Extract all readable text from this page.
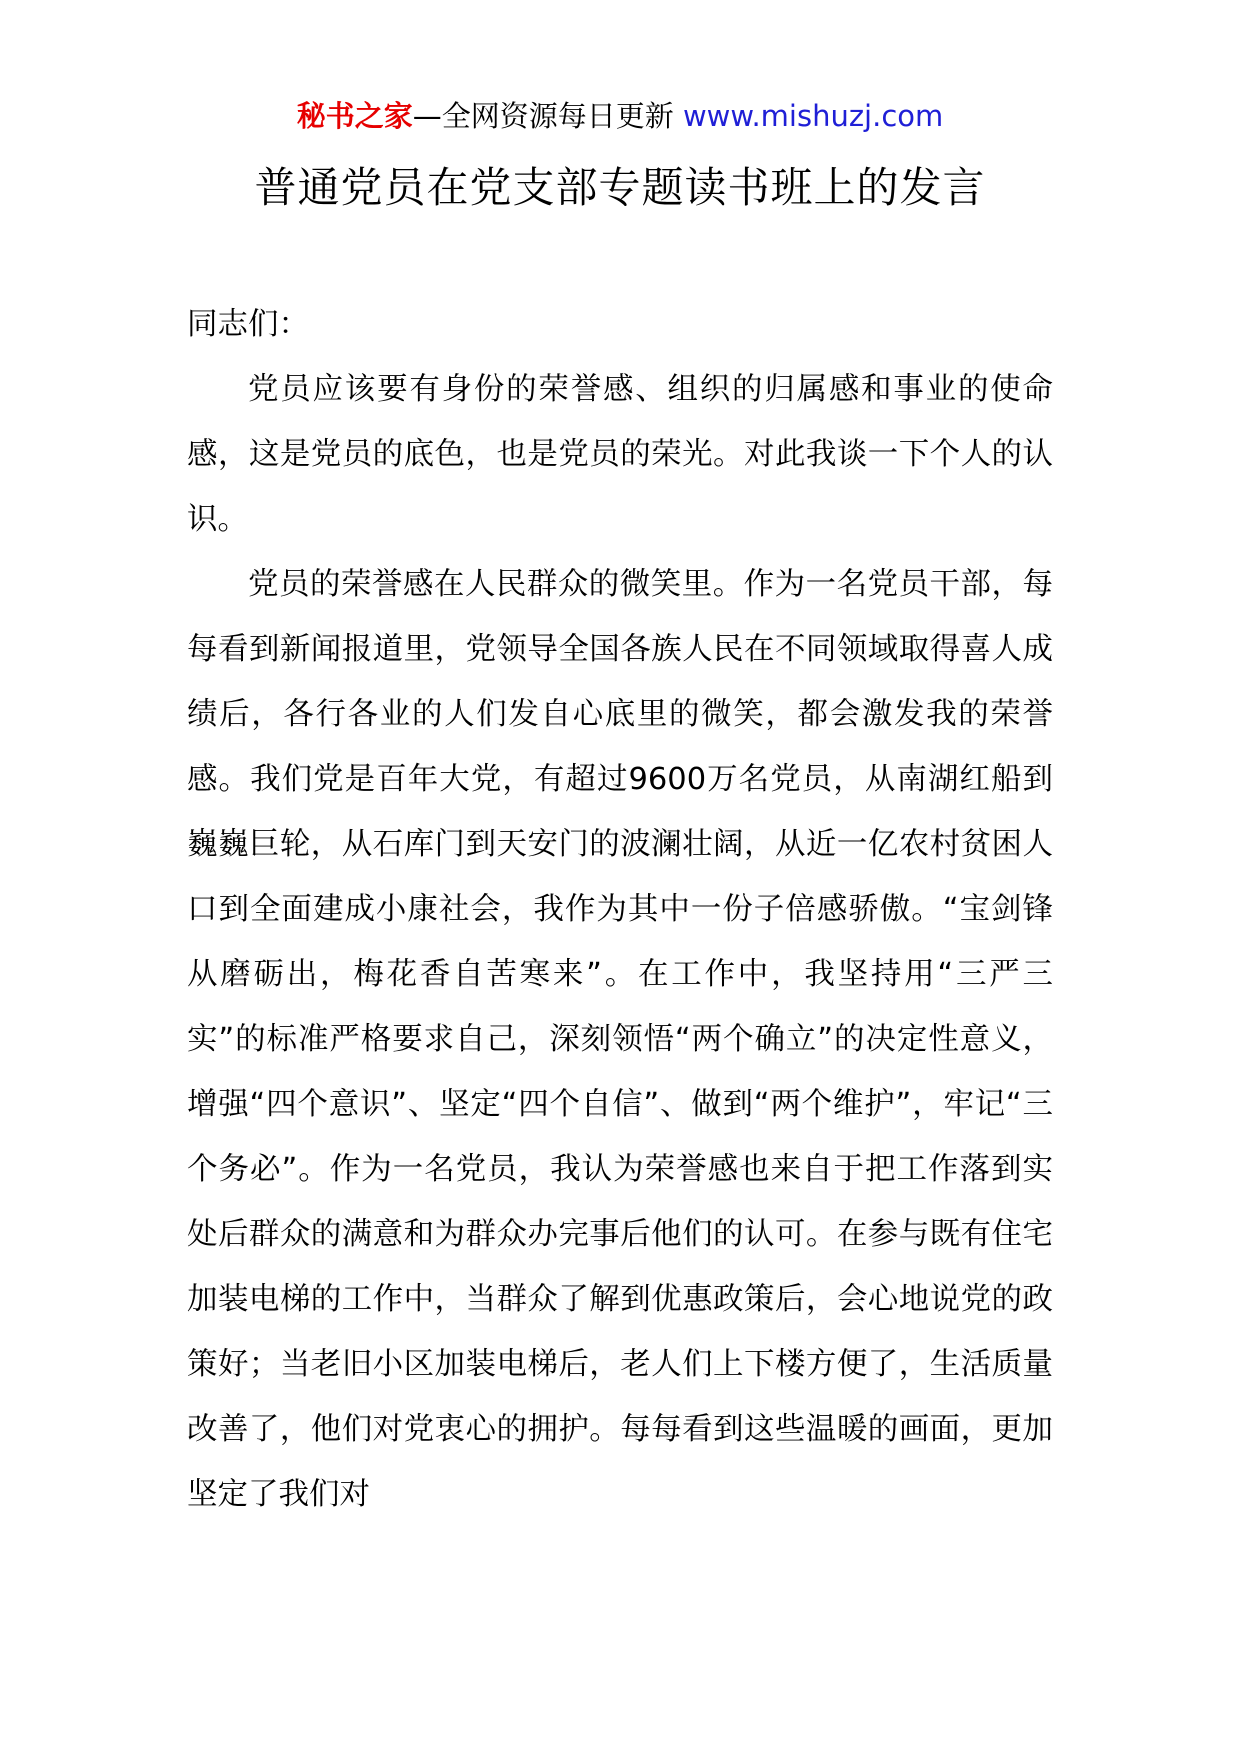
秘书之家—全网资源每日更新 www.mishuzj.com
普通党员在党支部专题读书班上的发言

同志们：

党员应该要有身份的荣誉感、组织的归属感和事业的使命感，这是党员的底色，也是党员的荣光。对此我谈一下个人的认识。

党员的荣誉感在人民群众的微笑里。作为一名党员干部，每每看到新闻报道里，党领导全国各族人民在不同领域取得喜人成绩后，各行各业的人们发自心底里的微笑，都会激发我的荣誉感。我们党是百年大党，有超过9600万名党员，从南湖红船到巍巍巨轮，从石库门到天安门的波澜壮阔，从近一亿农村贫困人口到全面建成小康社会，我作为其中一份子倍感骄傲。“宝剑锋从磨砺出，梅花香自苦寒来”。在工作中，我坚持用“三严三实”的标准严格要求自己，深刻领悟“两个确立”的决定性意义，增强“四个意识”、坚定“四个自信”、做到“两个维护”，牢记“三个务必”。作为一名党员，我认为荣誉感也来自于把工作落到实处后群众的满意和为群众办完事后他们的认可。在参与既有住宅加装电梯的工作中，当群众了解到优惠政策后，会心地说党的政策好；当老旧小区加装电梯后，老人们上下楼方便了，生活质量改善了，他们对党衷心的拥护。每每看到这些温暖的画面，更加坚定了我们对
